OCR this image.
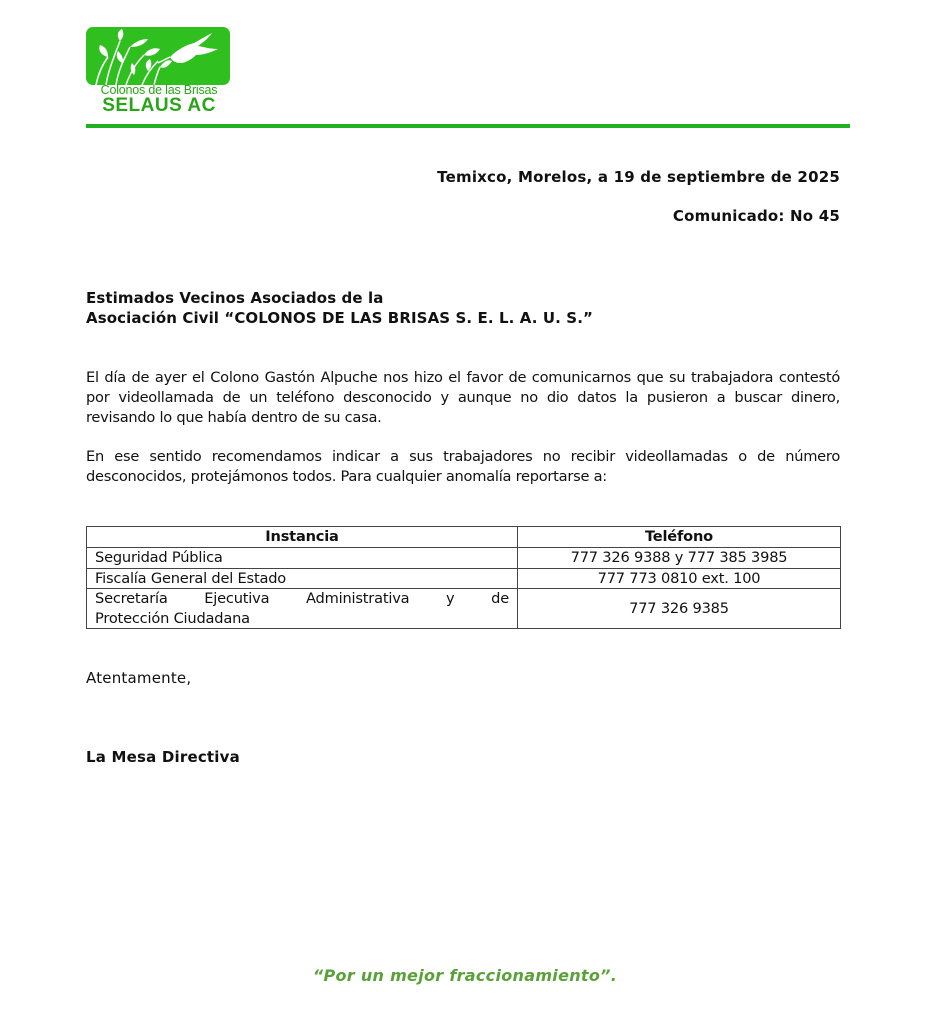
Colonos de las Brisas
SELAUS AC
Temixco, Morelos, a 19 de septiembre de 2025
Comunicado: No 45
Estimados Vecinos Asociados de la
Asociación Civil “COLONOS DE LAS BRISAS S. E. L. A. U. S.”

El día de ayer el Colono Gastón Alpuche nos hizo el favor de comunicarnos que su trabajadora contestó por videollamada de un teléfono desconocido y aunque no dio datos la pusieron a buscar dinero, revisando lo que había dentro de su casa.

En ese sentido recomendamos indicar a sus trabajadores no recibir videollamadas o de número desconocidos, protejámonos todos. Para cualquier anomalía reportarse a:

Instancia	Teléfono
Seguridad Pública	777 326 9388 y 777 385 3985
Fiscalía General del Estado	777 773 0810 ext. 100

Secretaría Ejecutiva Administrativa y de
Protección Ciudadana	777 326 9385
Atentamente,
La Mesa Directiva
“Por un mejor fraccionamiento”.
